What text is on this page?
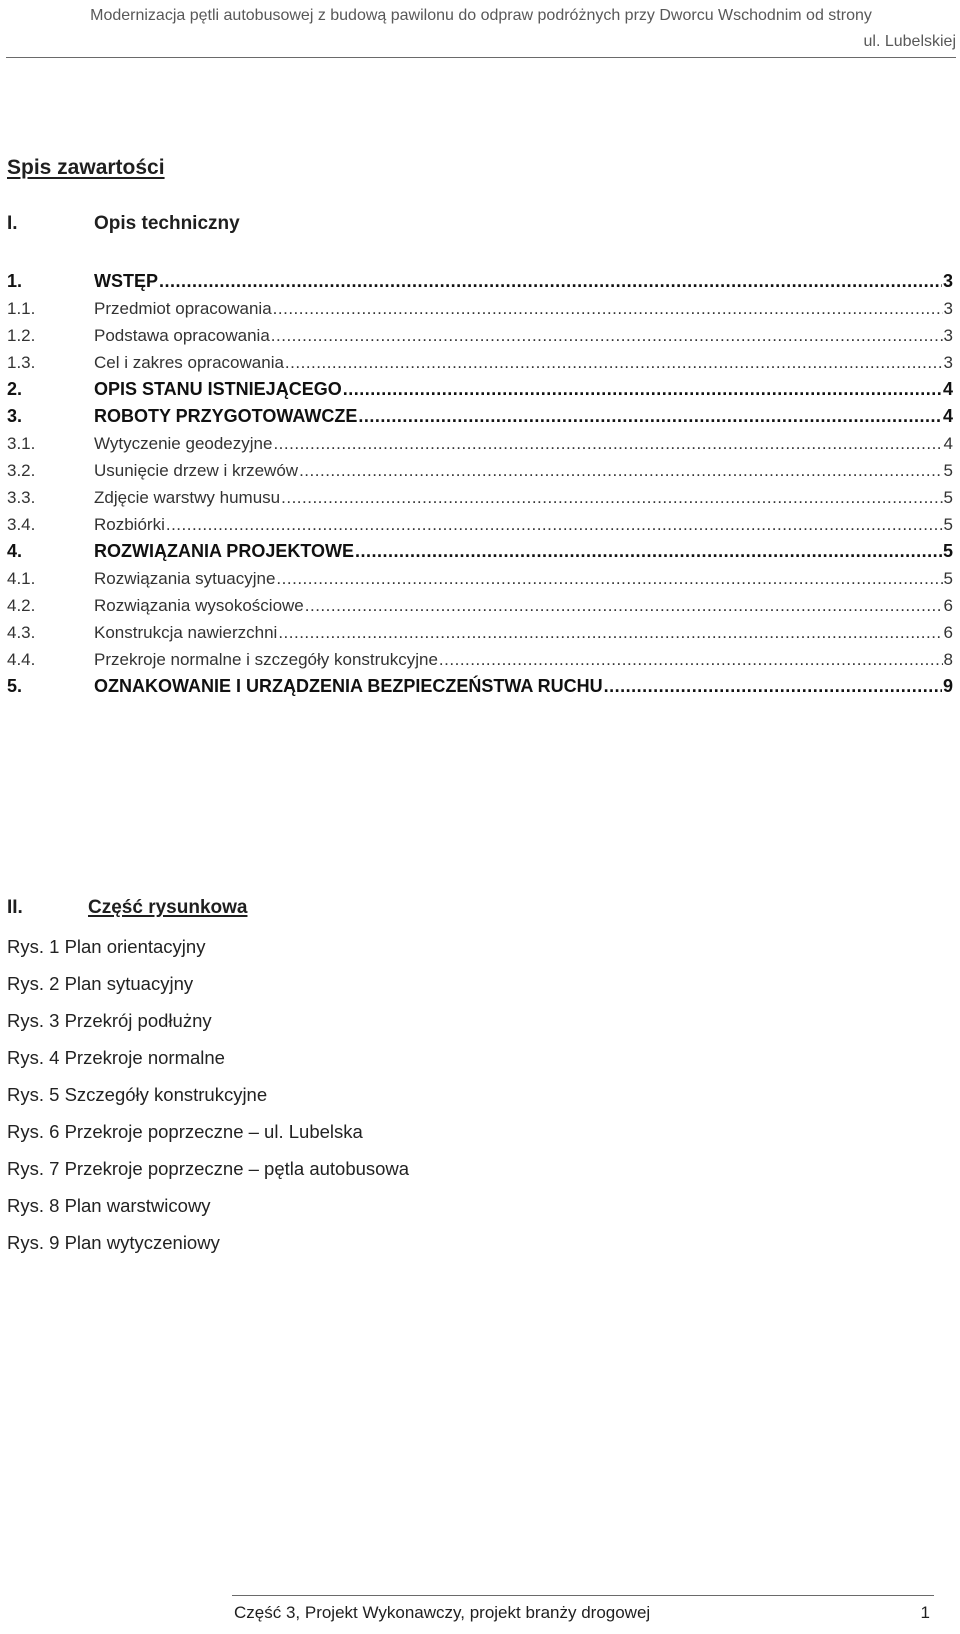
Modernizacja pętli autobusowej z budową pawilonu do odpraw podróżnych przy Dworcu Wschodnim od strony
ul. Lubelskiej
Spis zawartości
I.	Opis techniczny
1.	WSTĘP .....	3
1.1.	Przedmiot opracowania .....	3
1.2.	Podstawa opracowania .....	3
1.3.	Cel i zakres opracowania .....	3
2.	OPIS STANU ISTNIEJĄCEGO .....	4
3.	ROBOTY PRZYGOTOWAWCZE .....	4
3.1.	Wytyczenie geodezyjne .....	4
3.2.	Usunięcie drzew i krzewów .....	5
3.3.	Zdjęcie warstwy humusu .....	5
3.4.	Rozbiórki .....	5
4.	ROZWIĄZANIA PROJEKTOWE .....	5
4.1.	Rozwiązania sytuacyjne .....	5
4.2.	Rozwiązania wysokościowe .....	6
4.3.	Konstrukcja nawierzchni .....	6
4.4.	Przekroje normalne i szczegóły konstrukcyjne .....	8
5.	OZNAKOWANIE I URZĄDZENIA BEZPIECZEŃSTWA RUCHU .....	9
II.	Część rysunkowa
Rys. 1 Plan orientacyjny
Rys. 2 Plan sytuacyjny
Rys. 3 Przekrój podłużny
Rys. 4 Przekroje normalne
Rys. 5 Szczegóły konstrukcyjne
Rys. 6 Przekroje poprzeczne – ul. Lubelska
Rys. 7 Przekroje poprzeczne – pętla autobusowa
Rys. 8 Plan warstwicowy
Rys. 9 Plan wytyczeniowy
Część 3, Projekt Wykonawczy, projekt branży drogowej	1
